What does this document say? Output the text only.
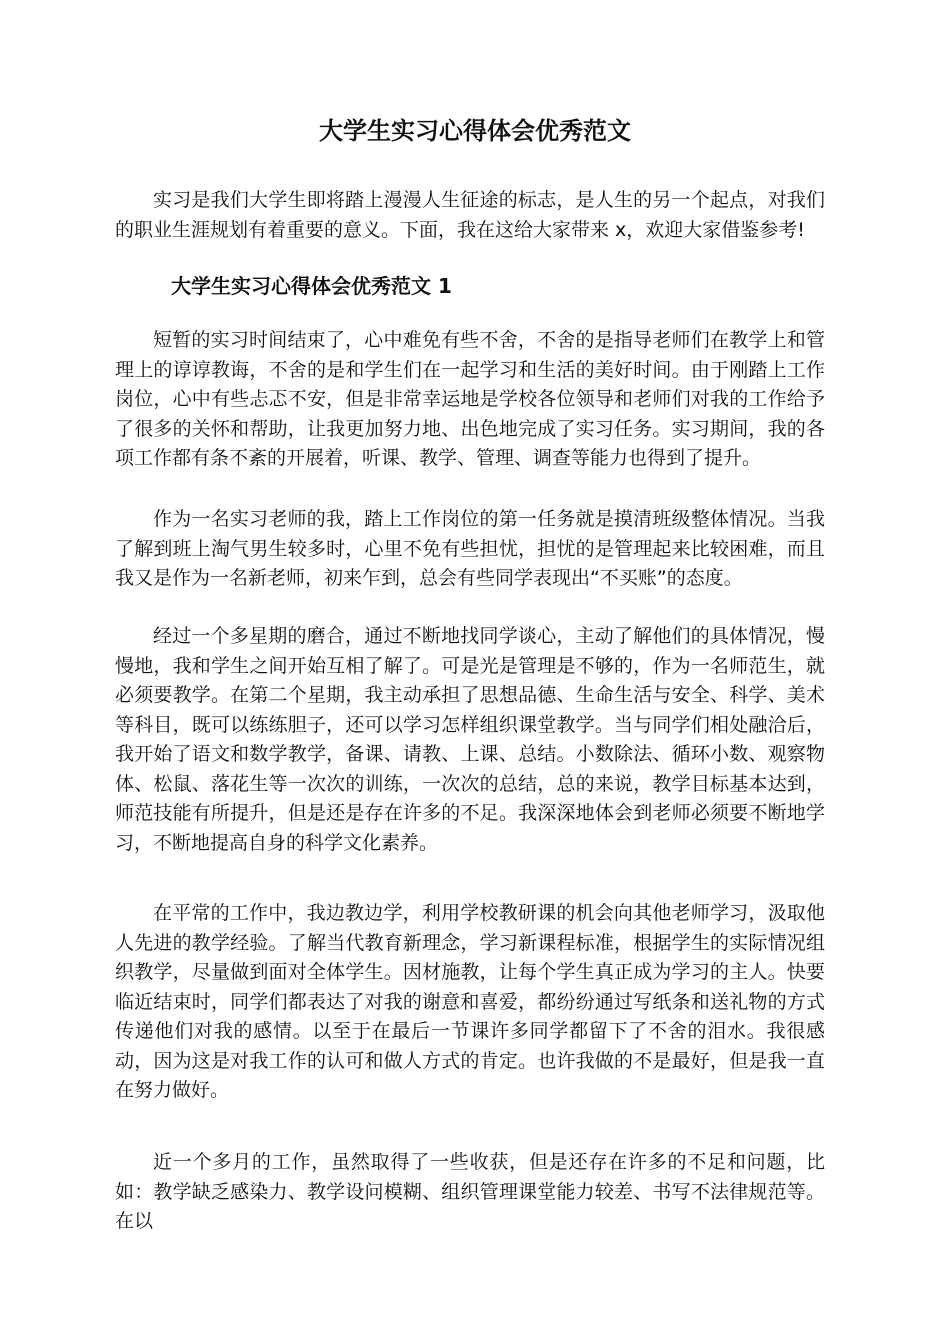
大学生实习心得体会优秀范文

实习是我们大学生即将踏上漫漫人生征途的标志，是人生的另一个起点，对我们的职业生涯规划有着重要的意义。下面，我在这给大家带来 x，欢迎大家借鉴参考!

大学生实习心得体会优秀范文 1

短暂的实习时间结束了，心中难免有些不舍，不舍的是指导老师们在教学上和管理上的谆谆教诲，不舍的是和学生们在一起学习和生活的美好时间。由于刚踏上工作岗位，心中有些忐忑不安，但是非常幸运地是学校各位领导和老师们对我的工作给予了很多的关怀和帮助，让我更加努力地、出色地完成了实习任务。实习期间，我的各项工作都有条不紊的开展着，听课、教学、管理、调查等能力也得到了提升。

作为一名实习老师的我，踏上工作岗位的第一任务就是摸清班级整体情况。当我了解到班上淘气男生较多时，心里不免有些担忧，担忧的是管理起来比较困难，而且我又是作为一名新老师，初来乍到，总会有些同学表现出“不买账”的态度。

经过一个多星期的磨合，通过不断地找同学谈心，主动了解他们的具体情况，慢慢地，我和学生之间开始互相了解了。可是光是管理是不够的，作为一名师范生，就必须要教学。在第二个星期，我主动承担了思想品德、生命生活与安全、科学、美术等科目，既可以练练胆子，还可以学习怎样组织课堂教学。当与同学们相处融洽后，我开始了语文和数学教学，备课、请教、上课、总结。小数除法、循环小数、观察物体、松鼠、落花生等一次次的训练，一次次的总结，总的来说，教学目标基本达到，师范技能有所提升，但是还是存在许多的不足。我深深地体会到老师必须要不断地学习，不断地提高自身的科学文化素养。

在平常的工作中，我边教边学，利用学校教研课的机会向其他老师学习，汲取他人先进的教学经验。了解当代教育新理念，学习新课程标准，根据学生的实际情况组织教学，尽量做到面对全体学生。因材施教，让每个学生真正成为学习的主人。快要临近结束时，同学们都表达了对我的谢意和喜爱，都纷纷通过写纸条和送礼物的方式传递他们对我的感情。以至于在最后一节课许多同学都留下了不舍的泪水。我很感动，因为这是对我工作的认可和做人方式的肯定。也许我做的不是最好，但是我一直在努力做好。

近一个多月的工作，虽然取得了一些收获，但是还存在许多的不足和问题，比如：教学缺乏感染力、教学设问模糊、组织管理课堂能力较差、书写不法律规范等。在以
